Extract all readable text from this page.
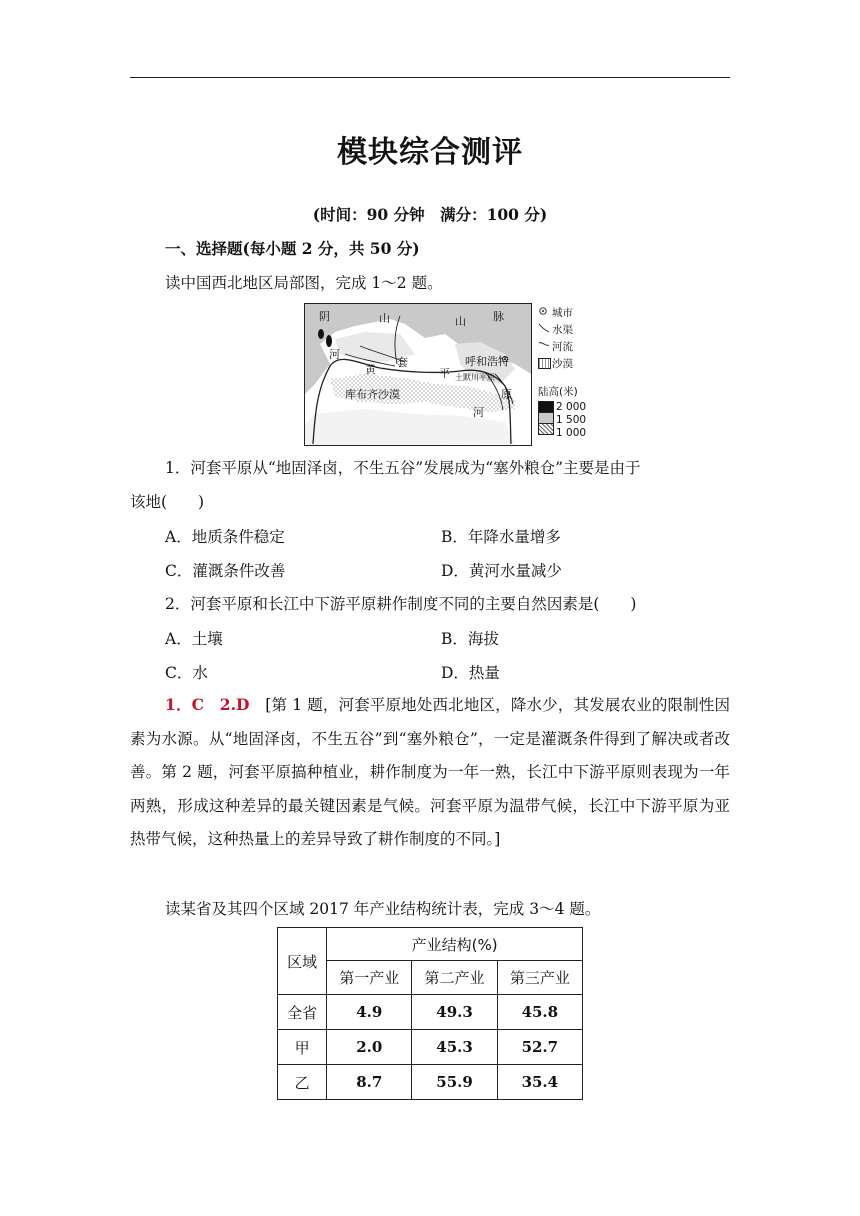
模块综合测评
(时间：90 分钟　满分：100 分)
一、选择题(每小题 2 分，共 50 分)
读中国西北地区局部图，完成 1～2 题。
阴	山	山 脉
河
黄
套
平
呼和浩特
土默川平原
库布齐沙漠	原
河
城市
水渠
河流
沙漠
陆高(米)
2 000
1 500
1 000
1．河套平原从“地固泽卤，不生五谷”发展成为“塞外粮仓”主要是由于
该地(　　)
A．地质条件稳定	B．年降水量增多
C．灌溉条件改善	D．黄河水量减少
2．河套平原和长江中下游平原耕作制度不同的主要自然因素是(　　)
A．土壤	B．海拔
C．水	D．热量
1．C　2.D　 [第 1 题，河套平原地处西北地区，降水少，其发展农业的限制性因素为水源。从“地固泽卤，不生五谷”到“塞外粮仓”，一定是灌溉条件得到了解决或者改善。第 2 题，河套平原搞种植业，耕作制度为一年一熟，长江中下游平原则表现为一年两熟，形成这种差异的最关键因素是气候。河套平原为温带气候，长江中下游平原为亚热带气候，这种热量上的差异导致了耕作制度的不同。]
读某省及其四个区域 2017 年产业结构统计表，完成 3～4 题。
区域	产业结构(%)		
	第一产业	第二产业	第三产业
全省	4.9	49.3	45.8
甲	2.0	45.3	52.7
乙	8.7	55.9	35.4
